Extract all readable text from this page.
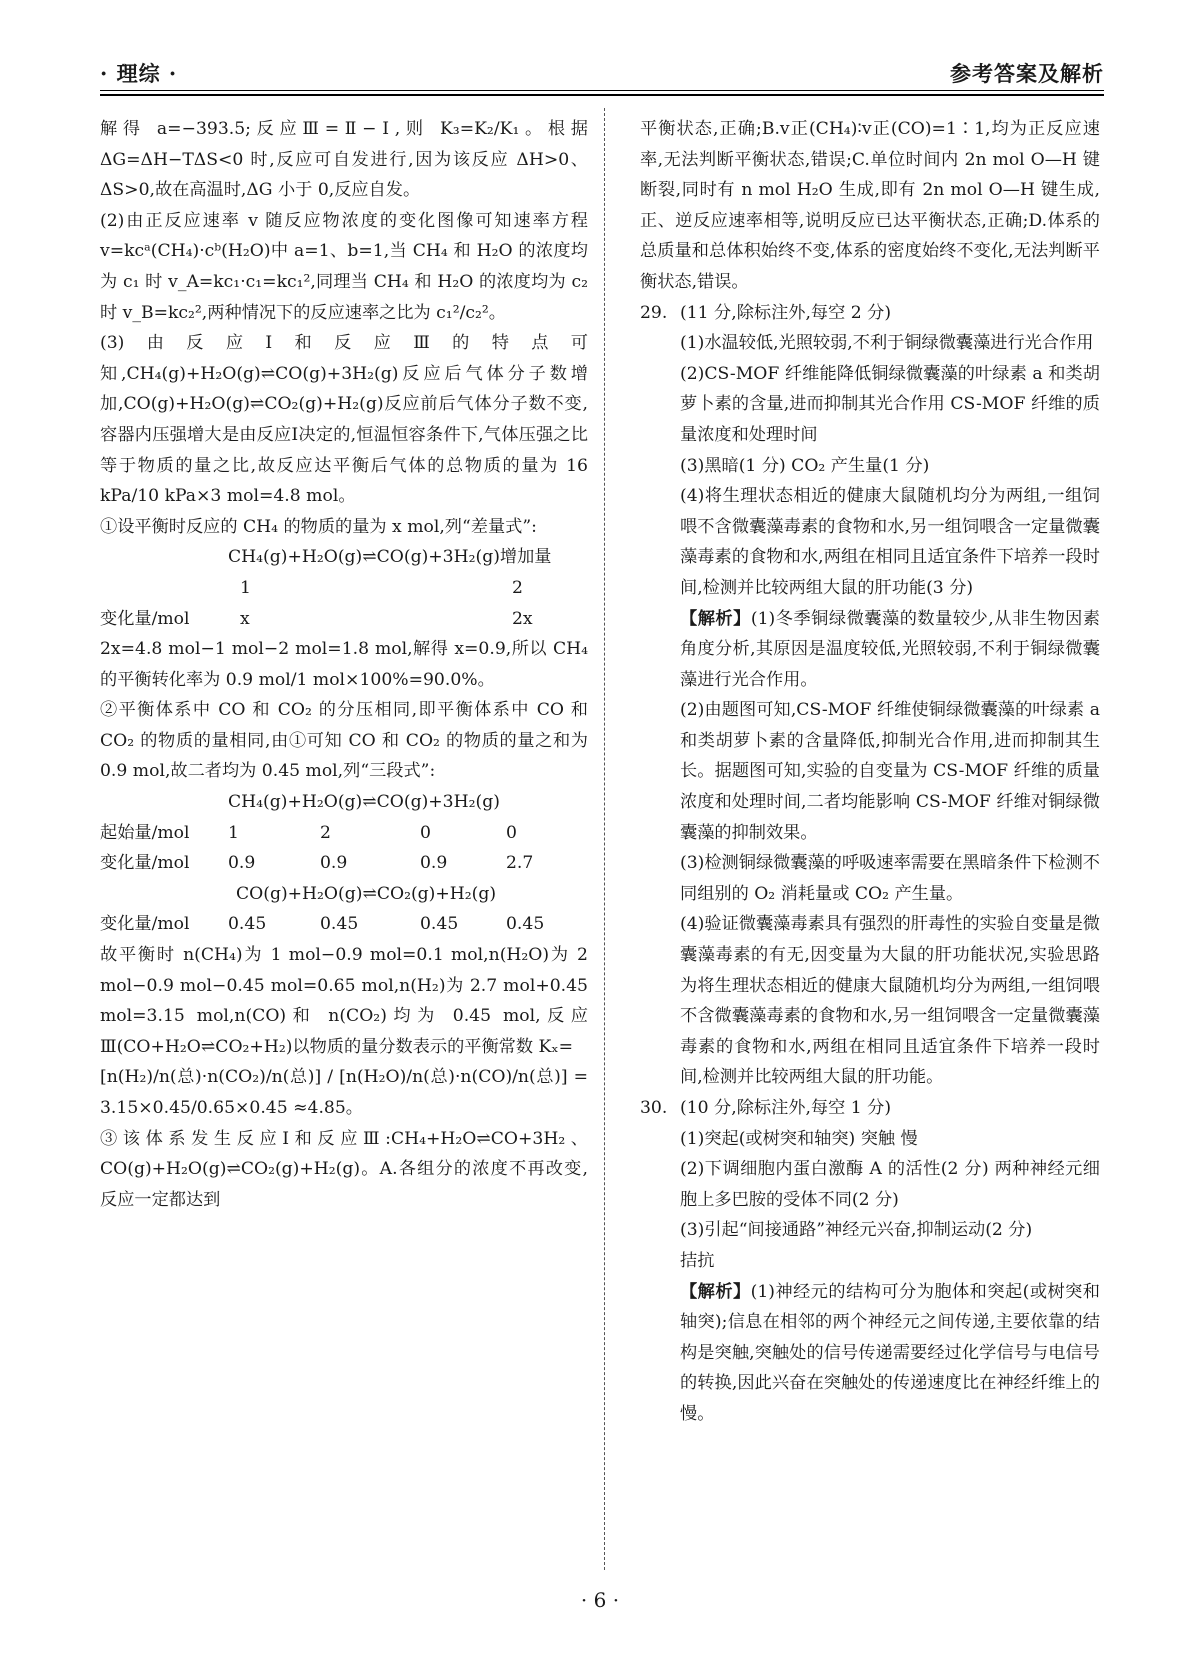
· 理综 ·	参考答案及解析

解得 a=−393.5;反应Ⅲ=Ⅱ−Ⅰ,则 K₃=K₂/K₁。根据 ΔG=ΔH−TΔS<0 时,反应可自发进行,因为该反应 ΔH>0、ΔS>0,故在高温时,ΔG 小于 0,反应自发。

(2)由正反应速率 v 随反应物浓度的变化图像可知速率方程 v=kcᵃ(CH₄)·cᵇ(H₂O)中 a=1、b=1,当 CH₄ 和 H₂O 的浓度均为 c₁ 时 v_A=kc₁·c₁=kc₁²,同理当 CH₄ 和 H₂O 的浓度均为 c₂ 时 v_B=kc₂²,两种情况下的反应速率之比为 c₁²/c₂²。

(3)由反应Ⅰ和反应Ⅲ的特点可知,CH₄(g)+H₂O(g)⇌CO(g)+3H₂(g)反应后气体分子数增加,CO(g)+H₂O(g)⇌CO₂(g)+H₂(g)反应前后气体分子数不变,容器内压强增大是由反应Ⅰ决定的,恒温恒容条件下,气体压强之比等于物质的量之比,故反应达平衡后气体的总物质的量为 16 kPa/10 kPa×3 mol=4.8 mol。

①设平衡时反应的 CH₄ 的物质的量为 x mol,列“差量式”:

CH₄(g)+H₂O(g)⇌CO(g)+3H₂(g)增加量

1	2
变化量/mol	x	2x

2x=4.8 mol−1 mol−2 mol=1.8 mol,解得 x=0.9,所以 CH₄ 的平衡转化率为 0.9 mol/1 mol×100%=90.0%。

②平衡体系中 CO 和 CO₂ 的分压相同,即平衡体系中 CO 和 CO₂ 的物质的量相同,由①可知 CO 和 CO₂ 的物质的量之和为 0.9 mol,故二者均为 0.45 mol,列“三段式”:

CH₄(g)+H₂O(g)⇌CO(g)+3H₂(g)

起始量/mol	1	2	0	0
变化量/mol	0.9	0.9	0.9	2.7

CO(g)+H₂O(g)⇌CO₂(g)+H₂(g)

变化量/mol	0.45	0.45	0.45	0.45

故平衡时 n(CH₄)为 1 mol−0.9 mol=0.1 mol,n(H₂O)为 2 mol−0.9 mol−0.45 mol=0.65 mol,n(H₂)为 2.7 mol+0.45 mol=3.15 mol,n(CO)和 n(CO₂)均为 0.45 mol,反应Ⅲ(CO+H₂O⇌CO₂+H₂)以物质的量分数表示的平衡常数 Kₓ=

[n(H₂)/n(总)·n(CO₂)/n(总)] / [n(H₂O)/n(总)·n(CO)/n(总)] = 3.15×0.45/0.65×0.45 ≈4.85。

③该体系发生反应Ⅰ和反应Ⅲ:CH₄+H₂O⇌CO+3H₂、CO(g)+H₂O(g)⇌CO₂(g)+H₂(g)。A.各组分的浓度不再改变,反应一定都达到

平衡状态,正确;B.v正(CH₄)∶v正(CO)=1∶1,均为正反应速率,无法判断平衡状态,错误;C.单位时间内 2n mol O—H 键断裂,同时有 n mol H₂O 生成,即有 2n mol O—H 键生成,正、逆反应速率相等,说明反应已达平衡状态,正确;D.体系的总质量和总体积始终不变,体系的密度始终不变化,无法判断平衡状态,错误。

29. (11 分,除标注外,每空 2 分)

(1)水温较低,光照较弱,不利于铜绿微囊藻进行光合作用

(2)CS-MOF 纤维能降低铜绿微囊藻的叶绿素 a 和类胡萝卜素的含量,进而抑制其光合作用 CS-MOF 纤维的质量浓度和处理时间

(3)黑暗(1 分) CO₂ 产生量(1 分)

(4)将生理状态相近的健康大鼠随机均分为两组,一组饲喂不含微囊藻毒素的食物和水,另一组饲喂含一定量微囊藻毒素的食物和水,两组在相同且适宜条件下培养一段时间,检测并比较两组大鼠的肝功能(3 分)

【解析】(1)冬季铜绿微囊藻的数量较少,从非生物因素角度分析,其原因是温度较低,光照较弱,不利于铜绿微囊藻进行光合作用。

(2)由题图可知,CS-MOF 纤维使铜绿微囊藻的叶绿素 a 和类胡萝卜素的含量降低,抑制光合作用,进而抑制其生长。据题图可知,实验的自变量为 CS-MOF 纤维的质量浓度和处理时间,二者均能影响 CS-MOF 纤维对铜绿微囊藻的抑制效果。

(3)检测铜绿微囊藻的呼吸速率需要在黑暗条件下检测不同组别的 O₂ 消耗量或 CO₂ 产生量。

(4)验证微囊藻毒素具有强烈的肝毒性的实验自变量是微囊藻毒素的有无,因变量为大鼠的肝功能状况,实验思路为将生理状态相近的健康大鼠随机均分为两组,一组饲喂不含微囊藻毒素的食物和水,另一组饲喂含一定量微囊藻毒素的食物和水,两组在相同且适宜条件下培养一段时间,检测并比较两组大鼠的肝功能。

30. (10 分,除标注外,每空 1 分)

(1)突起(或树突和轴突) 突触 慢

(2)下调细胞内蛋白激酶 A 的活性(2 分) 两种神经元细胞上多巴胺的受体不同(2 分)

(3)引起“间接通路”神经元兴奋,抑制运动(2 分)

拮抗

【解析】(1)神经元的结构可分为胞体和突起(或树突和轴突);信息在相邻的两个神经元之间传递,主要依靠的结构是突触,突触处的信号传递需要经过化学信号与电信号的转换,因此兴奋在突触处的传递速度比在神经纤维上的慢。

· 6 ·
